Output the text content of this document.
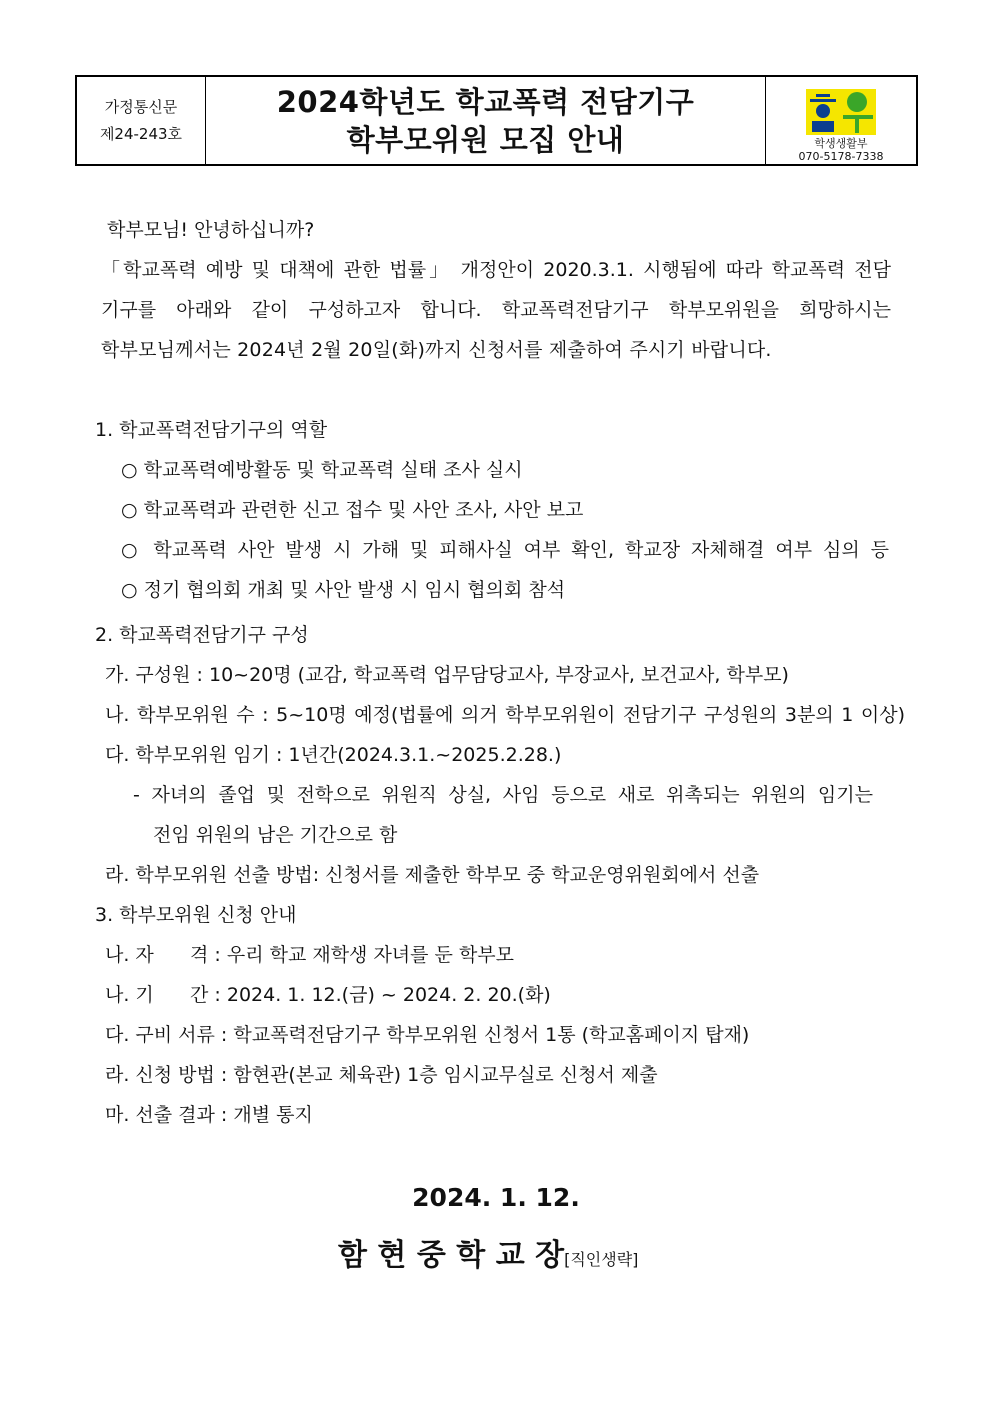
가정통신문
제24-243호
2024학년도 학교폭력 전담기구
학부모위원 모집 안내	학생생활부
070-5178-7338
학부모님! 안녕하십니까?
「학교폭력 예방 및 대책에 관한 법률」 개정안이 2020.3.1. 시행됨에 따라 학교폭력 전담
기구를 아래와 같이 구성하고자 합니다. 학교폭력전담기구 학부모위원을 희망하시는
학부모님께서는 2024년 2월 20일(화)까지 신청서를 제출하여 주시기 바랍니다.
1. 학교폭력전담기구의 역할
○ 학교폭력예방활동 및 학교폭력 실태 조사 실시
○ 학교폭력과 관련한 신고 접수 및 사안 조사, 사안 보고
○ 학교폭력 사안 발생 시 가해 및 피해사실 여부 확인, 학교장 자체해결 여부 심의 등
○ 정기 협의회 개최 및 사안 발생 시 임시 협의회 참석
2. 학교폭력전담기구 구성
가. 구성원 : 10~20명 (교감, 학교폭력 업무담당교사, 부장교사, 보건교사, 학부모)
나. 학부모위원 수 : 5~10명 예정(법률에 의거 학부모위원이 전담기구 구성원의 3분의 1 이상)
다. 학부모위원 임기 : 1년간(2024.3.1.~2025.2.28.)
- 자녀의 졸업 및 전학으로 위원직 상실, 사임 등으로 새로 위촉되는 위원의 임기는
전임 위원의 남은 기간으로 함
라. 학부모위원 선출 방법: 신청서를 제출한 학부모 중 학교운영위원회에서 선출
3. 학부모위원 신청 안내
나. 자      격 : 우리 학교 재학생 자녀를 둔 학부모
나. 기      간 : 2024. 1. 12.(금) ~ 2024. 2. 20.(화)
다. 구비 서류 : 학교폭력전담기구 학부모위원 신청서 1통 (학교홈페이지 탑재)
라. 신청 방법 : 함현관(본교 체육관) 1층 임시교무실로 신청서 제출
마. 선출 결과 : 개별 통지
2024. 1. 12.
함 현 중 학 교 장[직인생략]
